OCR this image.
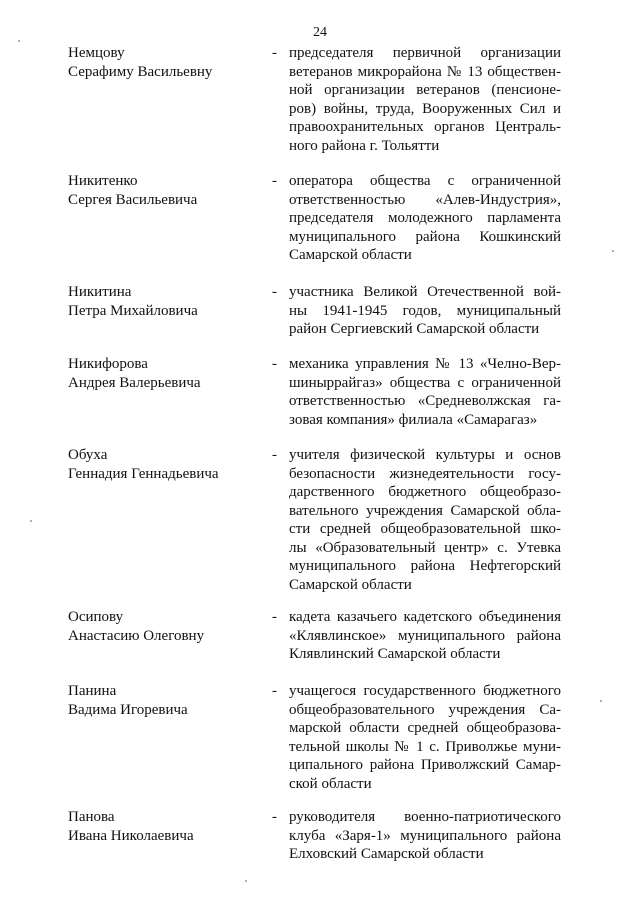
24
Немцову
Серафиму Васильевну
- председателя первичной организации
ветеранов микрорайона № 13 обществен-
ной организации ветеранов (пенсионе-
ров) войны, труда, Вооруженных Сил и
правоохранительных органов Централь-
ного района г. Тольятти
Никитенко
Сергея Васильевича
- оператора общества с ограниченной
ответственностью «Алев-Индустрия»,
председателя молодежного парламента
муниципального района Кошкинский
Самарской области
Никитина
Петра Михайловича
- участника Великой Отечественной вой-
ны 1941-1945 годов, муниципальный
район Сергиевский Самарской области
Никифорова
Андрея Валерьевича
- механика управления № 13 «Челно-Вер-
шиныррайгаз» общества с ограниченной
ответственностью «Средневолжская га-
зовая компания» филиала «Самарагаз»
Обуха
Геннадия Геннадьевича
- учителя физической культуры и основ
безопасности жизнедеятельности госу-
дарственного бюджетного общеобразо-
вательного учреждения Самарской обла-
сти средней общеобразовательной шко-
лы «Образовательный центр» с. Утевка
муниципального района Нефтегорский
Самарской области
Осипову
Анастасию Олеговну
- кадета казачьего кадетского объединения
«Клявлинское» муниципального района
Клявлинский Самарской области
Панина
Вадима Игоревича
- учащегося государственного бюджетного
общеобразовательного учреждения Са-
марской области средней общеобразова-
тельной школы № 1 с. Приволжье муни-
ципального района Приволжский Самар-
ской области
Панова
Ивана Николаевича
- руководителя военно-патриотического
клуба «Заря-1» муниципального района
Елховский Самарской области
